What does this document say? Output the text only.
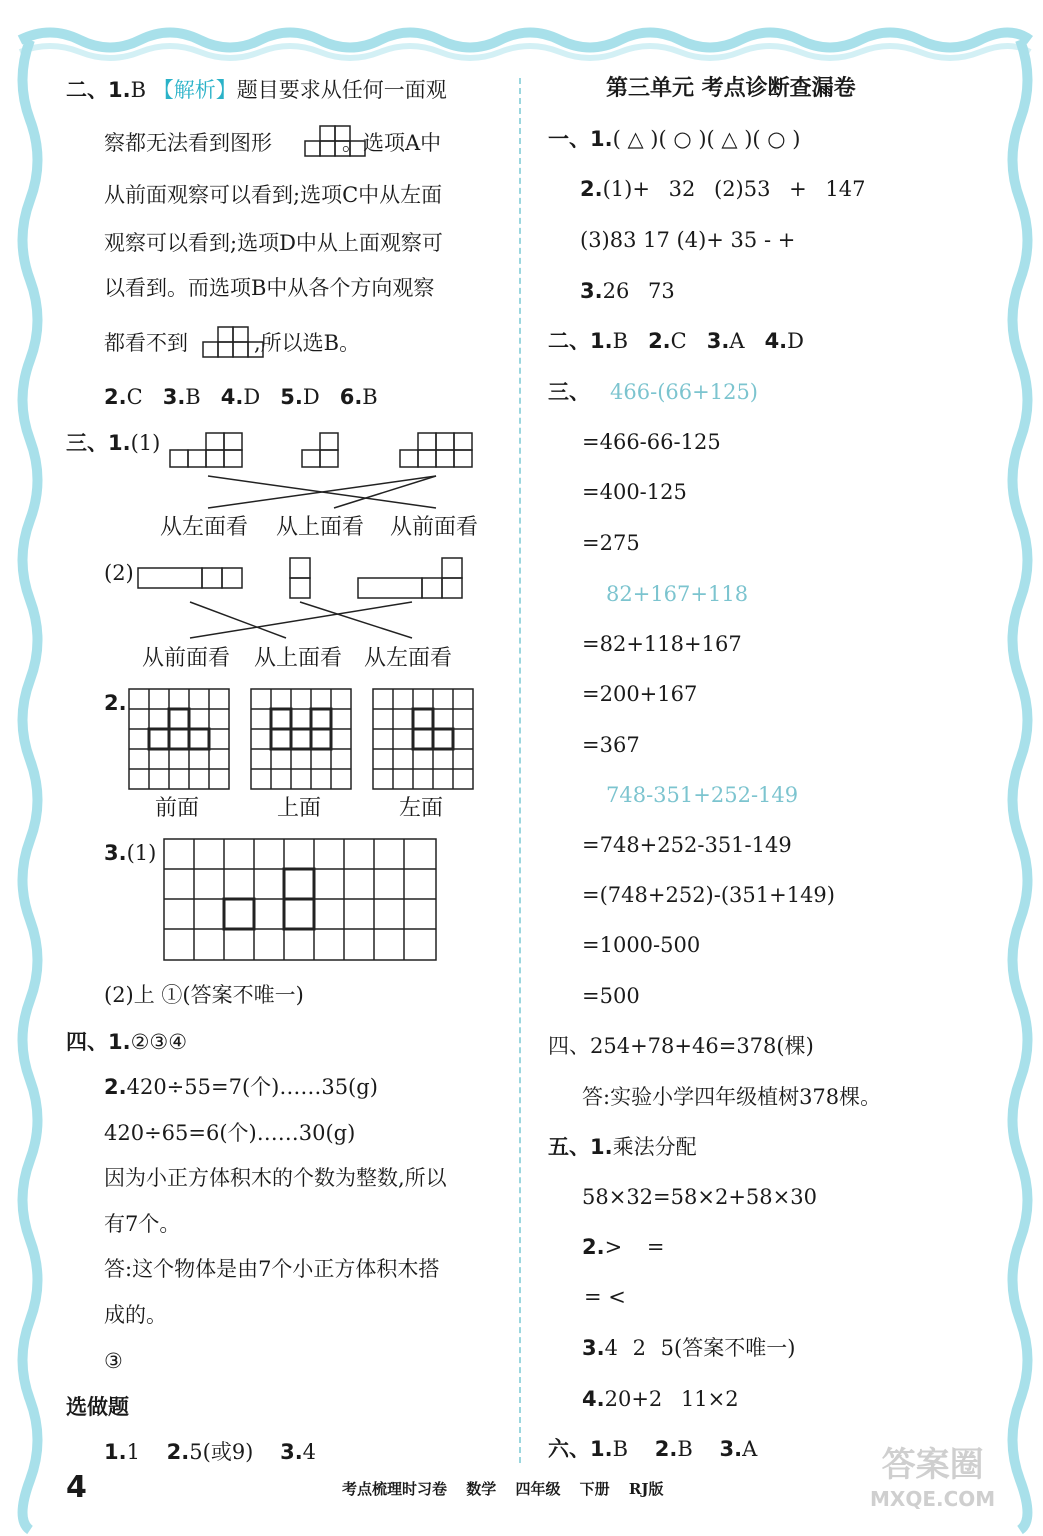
二、1.B 【解析】题目要求从任何一面观
察都无法看到图形	。选项A中
从前面观察可以看到;选项C中从左面
观察可以看到;选项D中从上面观察可
以看到。而选项B中从各个方向观察
都看不到	,所以选B。
2.C 3.B 4.D 5.D 6.B
三、1.(1)
从左面看 从上面看 从前面看
(2)
从前面看 从上面看 从左面看
2.
前面	上面	左面
3.(1)
(2)上 ①(答案不唯一)
四、1.②③④
2.420÷55=7(个)……35(g)
420÷65=6(个)……30(g)
因为小正方体积木的个数为整数,所以
有7个。
答:这个物体是由7个小正方体积木搭
成的。
③
选做题
1.1 2.5(或9) 3.4
第三单元 考点诊断查漏卷
一、1.( △ )( ○ )( △ )( ○ )
2.(1)+ 32 (2)53 + 147
(3)83 17 (4)+ 35 - +
3.26 73
二、1.B 2.C 3.A 4.D
三、 466-(66+125)
=466-66-125
=400-125
=275
82+167+118
=82+118+167
=200+167
=367
748-351+252-149
=748+252-351-149
=(748+252)-(351+149)
=1000-500
=500
四、254+78+46=378(棵)
答:实验小学四年级植树378棵。
五、1.乘法分配
58×32=58×2+58×30
2.> =
= <
3.4 2 5(答案不唯一)
4.20+2 11×2
六、1.B 2.B 3.A
4	考点梳理时习卷 数学 四年级 下册 RJ版
答案圈
MXQE.COM
